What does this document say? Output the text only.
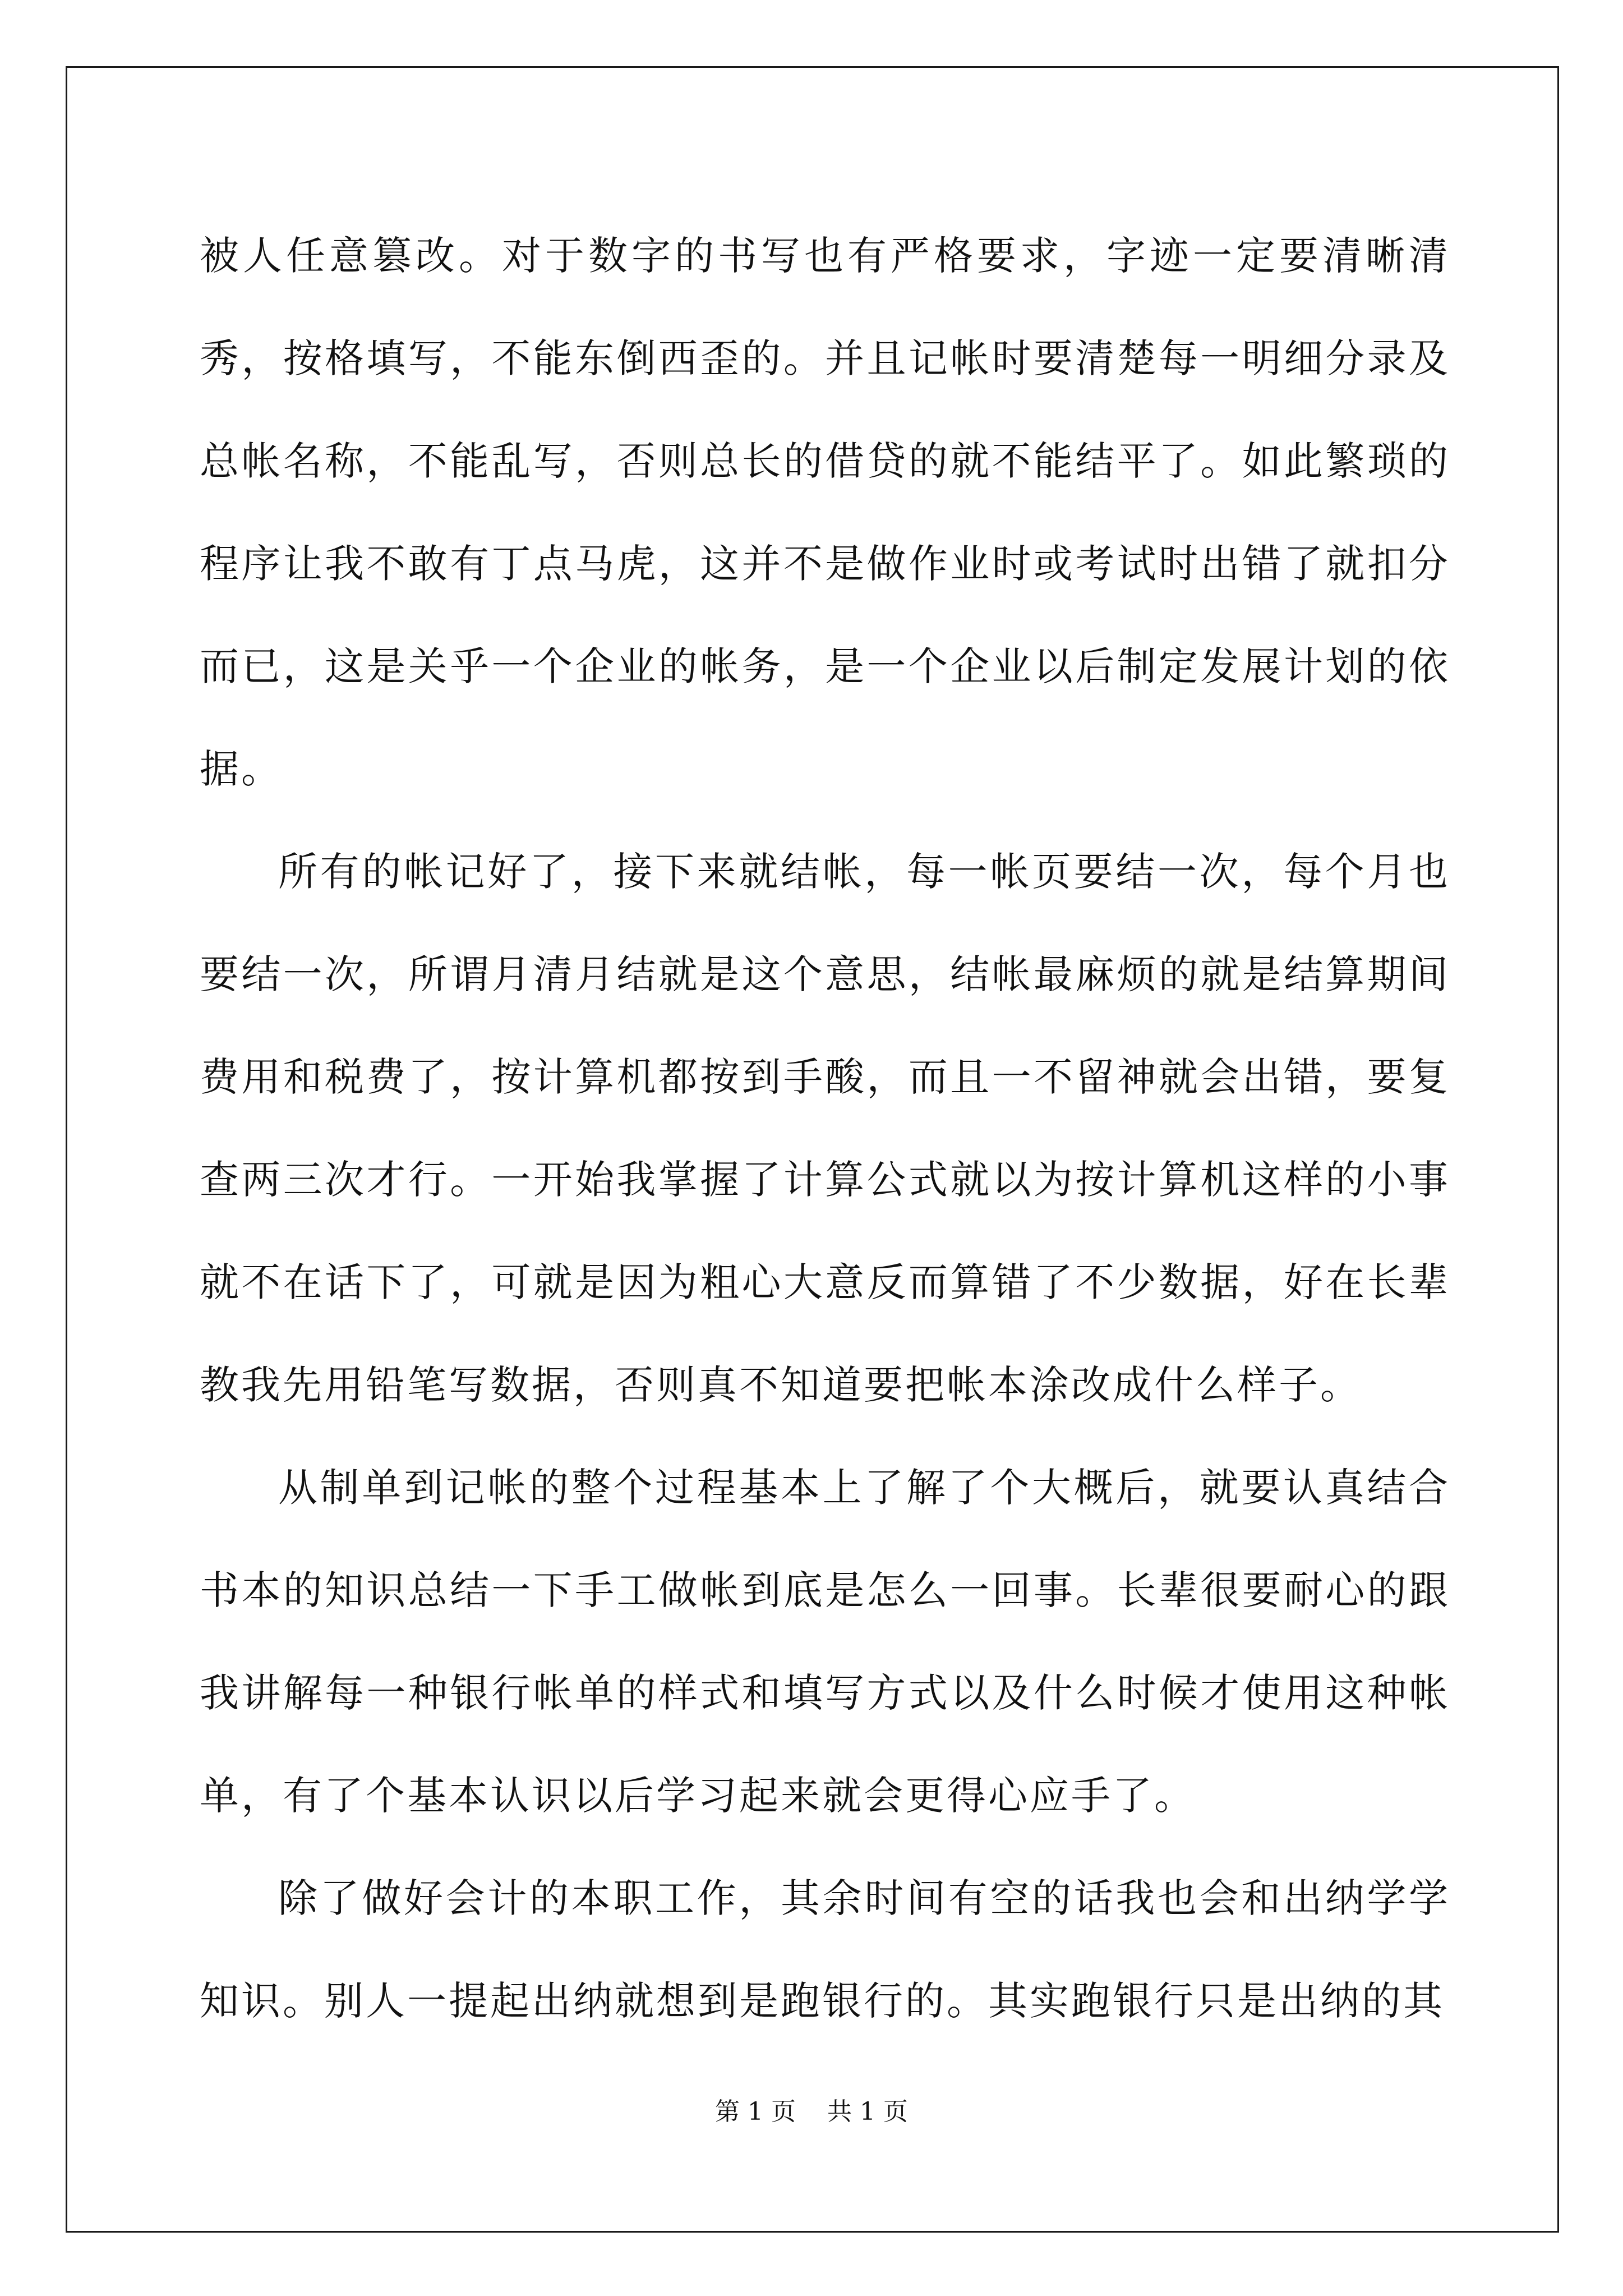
被人任意篡改。对于数字的书写也有严格要求，字迹一定要清晰清秀，按格填写，不能东倒西歪的。并且记帐时要清楚每一明细分录及总帐名称，不能乱写，否则总长的借贷的就不能结平了。如此繁琐的程序让我不敢有丁点马虎，这并不是做作业时或考试时出错了就扣分而已，这是关乎一个企业的帐务，是一个企业以后制定发展计划的依据。

所有的帐记好了，接下来就结帐，每一帐页要结一次，每个月也要结一次，所谓月清月结就是这个意思，结帐最麻烦的就是结算期间费用和税费了，按计算机都按到手酸，而且一不留神就会出错，要复查两三次才行。一开始我掌握了计算公式就以为按计算机这样的小事就不在话下了，可就是因为粗心大意反而算错了不少数据，好在长辈教我先用铅笔写数据，否则真不知道要把帐本涂改成什么样子。

从制单到记帐的整个过程基本上了解了个大概后，就要认真结合书本的知识总结一下手工做帐到底是怎么一回事。长辈很要耐心的跟我讲解每一种银行帐单的样式和填写方式以及什么时候才使用这种帐单，有了个基本认识以后学习起来就会更得心应手了。

除了做好会计的本职工作，其余时间有空的话我也会和出纳学学知识。别人一提起出纳就想到是跑银行的。其实跑银行只是出纳的其

第 1 页    共 1 页
